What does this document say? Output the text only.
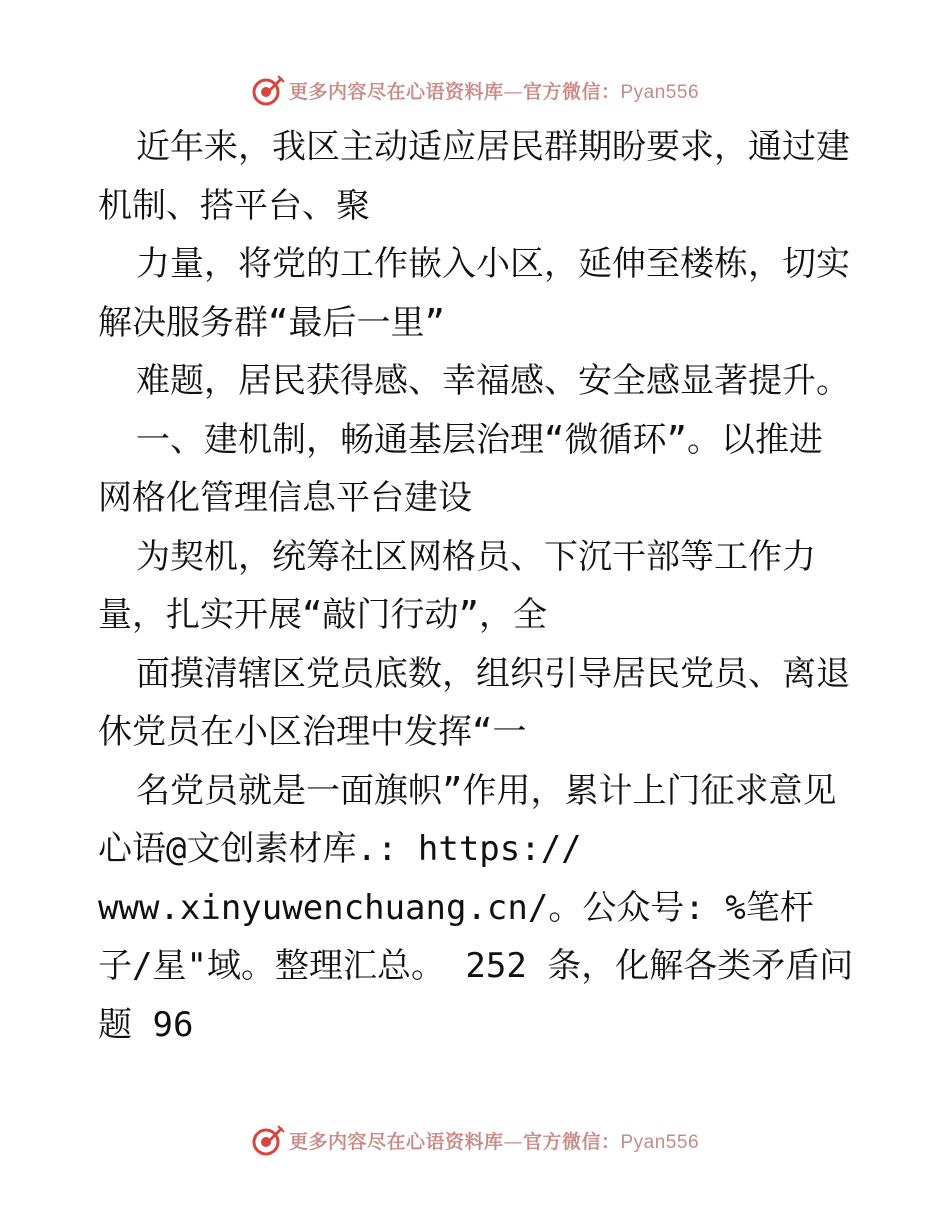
更多内容尽在心语资料库—官方微信：Pyan556
近年来，我区主动适应居民群期盼要求，通过建
机制、搭平台、聚
力量，将党的工作嵌入小区，延伸至楼栋，切实
解决服务群“最后一里”
难题，居民获得感、幸福感、安全感显著提升。
一、建机制，畅通基层治理“微循环”。以推进
网格化管理信息平台建设
为契机，统筹社区网格员、下沉干部等工作力
量，扎实开展“敲门行动”，全
面摸清辖区党员底数，组织引导居民党员、离退
休党员在小区治理中发挥“一
名党员就是一面旗帜”作用，累计上门征求意见
心语@文创素材库.: https://
www.xinyuwenchuang.cn/。公众号: %笔杆
子/星"域。整理汇总。 252 条，化解各类矛盾问
题 96
更多内容尽在心语资料库—官方微信：Pyan556
